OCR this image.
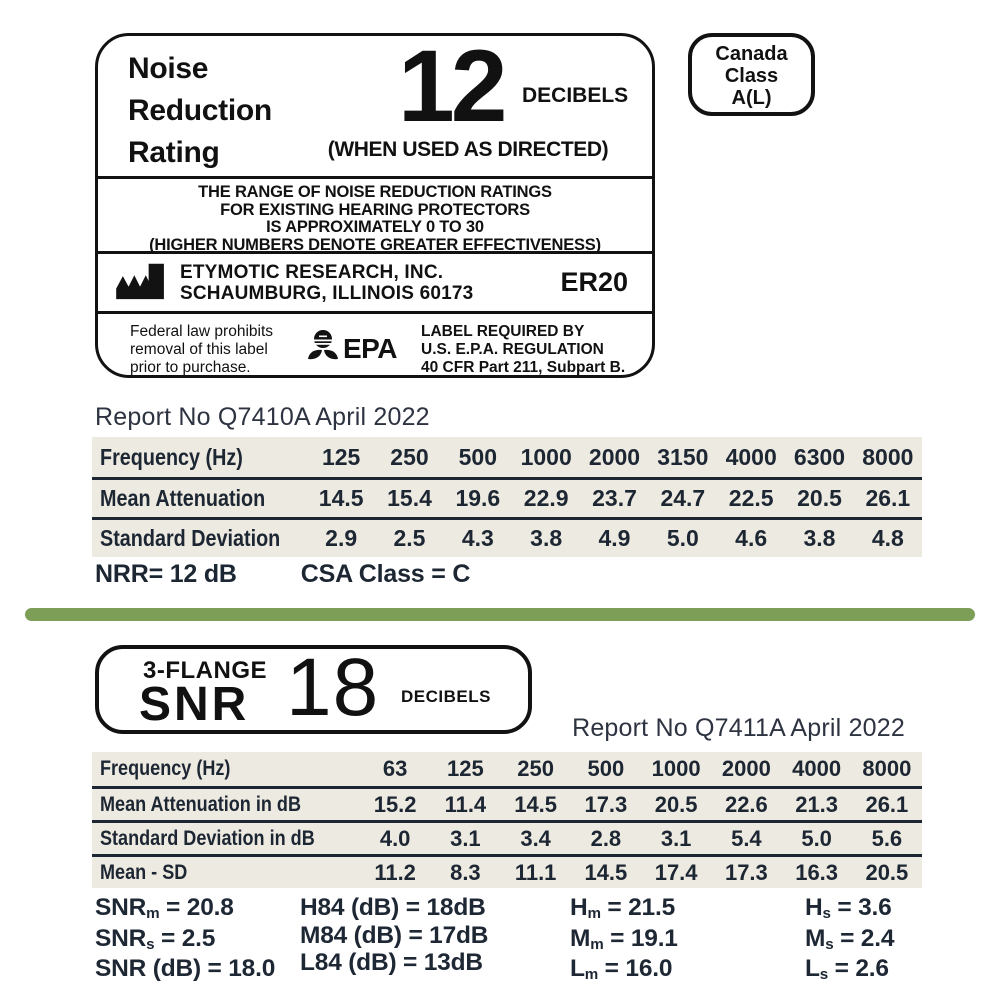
Noise
Reduction
Rating
12 DECIBELS
(WHEN USED AS DIRECTED)
THE RANGE OF NOISE REDUCTION RATINGS
FOR EXISTING HEARING PROTECTORS
IS APPROXIMATELY 0 TO 30
(HIGHER NUMBERS DENOTE GREATER EFFECTIVENESS)
ETYMOTIC RESEARCH, INC.
SCHAUMBURG, ILLINOIS 60173	ER20
Federal law prohibits
removal of this label
prior to purchase.
EPA
LABEL REQUIRED BY
U.S. E.P.A. REGULATION
40 CFR Part 211, Subpart B.
Canada
Class
A(L)
Report No Q7410A April 2022
Frequency (Hz)	125	250	500	1000 2000 3150 4000 6300 8000
Mean Attenuation	14.5	15.4	19.6	22.9	23.7	24.7	22.5	20.5	26.1
Standard Deviation	2.9	2.5	4.3	3.8	4.9	5.0	4.6	3.8	4.8
NRR= 12 dB	CSA Class = C
3-FLANGE
SNR 18 DECIBELS
Report No Q7411A April 2022
Frequency (Hz)	63	125	250	500	1000 2000 4000 8000
Mean Attenuation in dB	15.2	11.4	14.5	17.3	20.5	22.6	21.3	26.1
Standard Deviation in dB	4.0	3.1	3.4	2.8	3.1	5.4	5.0	5.6
Mean - SD	11.2	8.3	11.1	14.5	17.4	17.3	16.3	20.5
SNRm = 20.8
SNRs = 2.5
SNR (dB) = 18.0
H84 (dB) = 18dB
M84 (dB) = 17dB
L84 (dB) = 13dB
Hm = 21.5
Mm = 19.1
Lm = 16.0
Hs = 3.6
Ms = 2.4
Ls = 2.6
